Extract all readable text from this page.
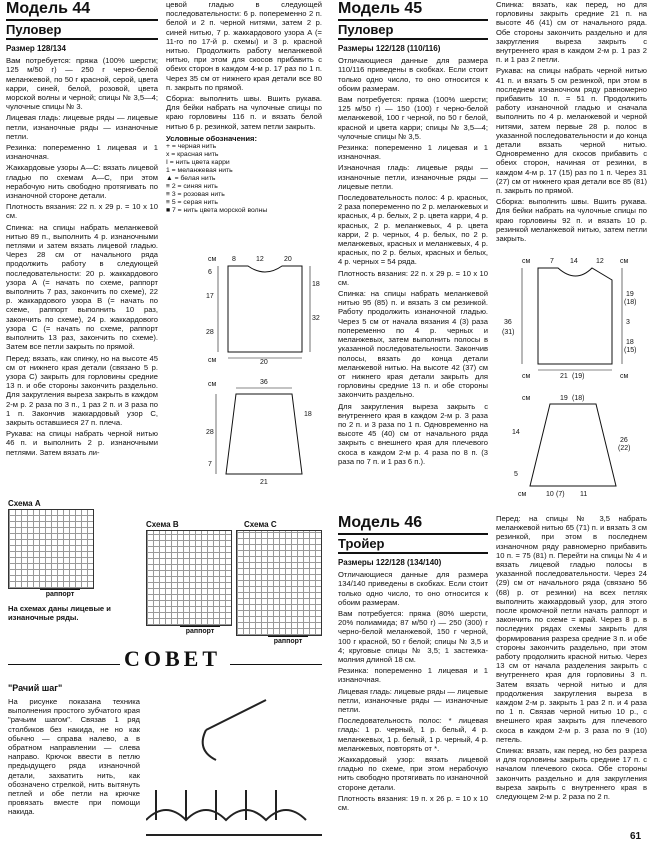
Модель 44
Пуловер
Размер 128/134

Вам потребуется: пряжа (100% шерсти; 125 м/50 г) — 250 г черно-белой меланжевой, по 50 г красной, серой, цвета карри, синей, белой, розовой, цвета морской волны и черной; спицы № 3,5—4; чулочные спицы № 3.

Лицевая гладь: лицевые ряды — лицевые петли, изнаночные ряды — изнаночные петли.

Резинка: попеременно 1 лицевая и 1 изнаночная.

Жаккардовые узоры A—C: вязать лицевой гладью по схемам A—C, при этом нерабочую нить свободно протягивать по изнаночной стороне детали.

Плотность вязания: 22 п. х 29 р. = 10 х 10 см.

Спинка: на спицы набрать меланжевой нитью 89 п., выполнить 4 р. изнаночными петлями и затем вязать лицевой гладью. Через 28 см от начального ряда продолжить работу в следующей последовательности: 20 р. жаккардового узора A (= начать по схеме, раппорт выполнить 7 раз, закончить по схеме), 22 р. жаккардового узора B (= начать по схеме, раппорт выполнить 10 раз, закончить по схеме), 24 р. жаккардового узора C (= начать по схеме, раппорт выполнить 13 раз, закончить по схеме). Затем все петли закрыть по прямой.

Перед: вязать, как спинку, но на высоте 45 см от нижнего края детали (связано 5 р. узора C) закрыть для горловины средние 13 п. и обе стороны закончить раздельно. Для закругления выреза закрыть в каждом 2-м р. 2 раза по 3 п., 1 раз 2 п. и 3 раза по 1 п. Закончив жаккардовый узор C, закрыть оставшиеся 27 п. плеча.

Рукава: на спицы набрать черной нитью 46 п. и выполнить 2 р. изнаночными петлями. Затем вязать ли-

цевой гладью в следующей последовательности: 6 р. попеременно 2 п. белой и 2 п. черной нитями, затем 2 р. синей нитью, 7 р. жаккардового узора A (= 11-го по 17-й р. схемы) и 3 р. красной нитью. Продолжить работу меланжевой нитью, при этом для скосов прибавить с обеих сторон в каждом 4-м р. 17 раз по 1 п. Через 35 см от нижнего края детали все 80 п. закрыть по прямой.

Сборка: выполнить швы. Вшить рукава. Для бейки набрать на чулочные спицы по краю горловины 116 п. и вязать белой нитью 6 р. резинкой, затем петли закрыть.

Условные обозначения:
+ = черная нить
х = красная нить
I = нить цвета карри
1 = меланжевая нить
▲ = белая нить
≡ 2 = синяя нить
≡ 3 = розовая нить
≡ 5 = серая нить
■ 7 = нить цвета морской волны
см 8	12	20
6
17
28
18
32
см	20
см	36
28
7
18
21
Схема A
раппорт
Схема B
раппорт
Схема C
раппорт
На схемах даны лицевые и изнаночные ряды.
СОВЕТ
"Рачий шаг"

На рисунке показана техника выполнения простого зубчатого края "рачьим шагом". Связав 1 ряд столбиков без накида, не но как обычно — справа налево, а в обратном направлении — слева направо. Крючок ввести в петлю предыдущего ряда изнаночной детали, захватить нить, как обозначено стрелкой, нить вытянуть петлей и обе петли на крючке провязать вместе при помощи накида.

Модель 45
Пуловер
Размеры 122/128 (110/116)

Отличающиеся данные для размера 110/116 приведены в скобках. Если стоит только одно число, то оно относится к обоим размерам.

Вам потребуется: пряжа (100% шерсти; 125 м/50 г) — 150 (100) г черно-белой меланжевой, 100 г черной, по 50 г белой, красной и цвета карри; спицы № 3,5—4; чулочные спицы № 3,5.

Резинка: попеременно 1 лицевая и 1 изнаночная.

Изнаночная гладь: лицевые ряды — изнаночные петли, изнаночные ряды — лицевые петли.

Последовательность полос: 4 р. красных, 2 раза попеременно по 2 р. меланжевых и красных, 4 р. белых, 2 р. цвета карри, 4 р. красных, 2 р. меланжевых, 4 р. цвета карри, 2 р. черных, 4 р. белых, по 2 р. меланжевых, красных и меланжевых, 4 р. красных, по 2 р. белых, красных и белых, 4 р. черных = 54 ряда.

Плотность вязания: 22 п. х 29 р. = 10 х 10 см.

Спинка: на спицы набрать меланжевой нитью 95 (85) п. и вязать 3 см резинкой. Работу продолжить изнаночной гладью. Через 5 см от начала вязания 4 (3) раза попеременно по 4 р. черных и меланжевых, затем выполнить полосы в указанной последовательности. Закончив полосы, вязать до конца детали меланжевой нитью. На высоте 42 (37) см от нижнего края детали закрыть для горловины средние 13 п. и обе стороны закончить раздельно.

Для закругления выреза закрыть с внутреннего края в каждом 2-м р. 3 раза по 2 п. и 3 раза по 1 п. Одновременно на высоте 45 (40) см от начального ряда закрыть с внешнего края для плечевого скоса в каждом 2-м р. 4 раза по 8 п. (3 раза по 7 п. и 1 раз 6 п.).

Модель 46
Тройер
Размеры 122/128 (134/140)

Отличающиеся данные для размера 134/140 приведены в скобках. Если стоит только одно число, то оно относится к обоим размерам.

Вам потребуется: пряжа (80% шерсти, 20% полиамида; 87 м/50 г) — 250 (300) г черно-белой меланжевой, 150 г черной, 100 г красной, 50 г белой; спицы № 3,5 и 4; круговые спицы № 3,5; 1 застежка-молния длиной 18 см.

Резинка: попеременно 1 лицевая и 1 изнаночная.

Лицевая гладь: лицевые ряды — лицевые петли, изнаночные ряды — изнаночные петли.

Последовательность полос: * лицевая гладь: 1 р. черный, 1 р. белый, 4 р. меланжевых, 1 р. белый, 1 р. черный, 4 р. меланжевых, повторять от *.

Жаккардовый узор: вязать лицевой гладью по схеме, при этом нерабочую нить свободно протягивать по изнаночной стороне детали.

Плотность вязания: 19 п. х 26 р. = 10 х 10 см.

Спинка: вязать, как перед, но для горловины закрыть средние 21 п. на высоте 46 (41) см от начального ряда. Обе стороны закончить раздельно и для закругления выреза закрыть с внутреннего края в каждом 2-м р. 1 раз 2 п. и 1 раз 2 петли.

Рукава: на спицы набрать черной нитью 41 п. и вязать 5 см резинкой, при этом в последнем изнаночном ряду равномерно прибавить 10 п. = 51 п. Продолжить работу изнаночной гладью и сначала выполнить по 4 р. меланжевой и черной нитями, затем первые 28 р. полос в указанной последовательности и до конца детали вязать черной нитью. Одновременно для скосов прибавить с обеих сторон, начиная от резинки, в каждом 4-м р. 17 (15) раз по 1 п. Через 31 (27) см от нижнего края детали все 85 (81) п. закрыть по прямой.

Сборка: выполнить швы. Вшить рукава. Для бейки набрать на чулочные спицы по краю горловины 92 п. и вязать 10 р. резинкой меланжевой нитью, затем петли закрыть.

см	7 14	12 см
36
(31)
19
(18)
3
18
(15)
см	21 (19)	см
см	19 (18)
14
5
26
(22)
см	10 (7) 11

Перед: на спицы № 3,5 набрать меланжевой нитью 65 (71) п. и вязать 3 см резинкой, при этом в последнем изнаночном ряду равномерно прибавить 10 п. = 75 (81) п. Перейти на спицы № 4 и вязать лицевой гладью полосы в указанной последовательности. Через 24 (29) см от начального ряда (связано 56 (68) р. от резинки) на всех петлях выполнить жаккардовый узор, для этого после кромочной петли начать раппорт и закончить по схеме = край. Через 8 р. в последних рядах схемы закрыть для формирования разреза средние 3 п. и обе стороны закончить раздельно, при этом работу продолжить красной нитью. Через 13 см от начала разделения закрыть с внутреннего края для горловины 3 п. Затем вязать черной нитью и для продолжения закругления выреза в каждом 2-м р. закрыть 1 раз 2 п. и 4 раза по 1 п. Связав черной нитью 10 р., с внешнего края закрыть для плечевого скоса в каждом 2-м р. 3 раза по 9 (10) петель.

Спинка: вязать, как перед, но без разреза и для горловины закрыть средние 17 п. с началом плечевого скоса. Обе стороны закончить раздельно и для закругления выреза закрыть с внутреннего края в следующем 2-м р. 2 раза по 2 п.

61
